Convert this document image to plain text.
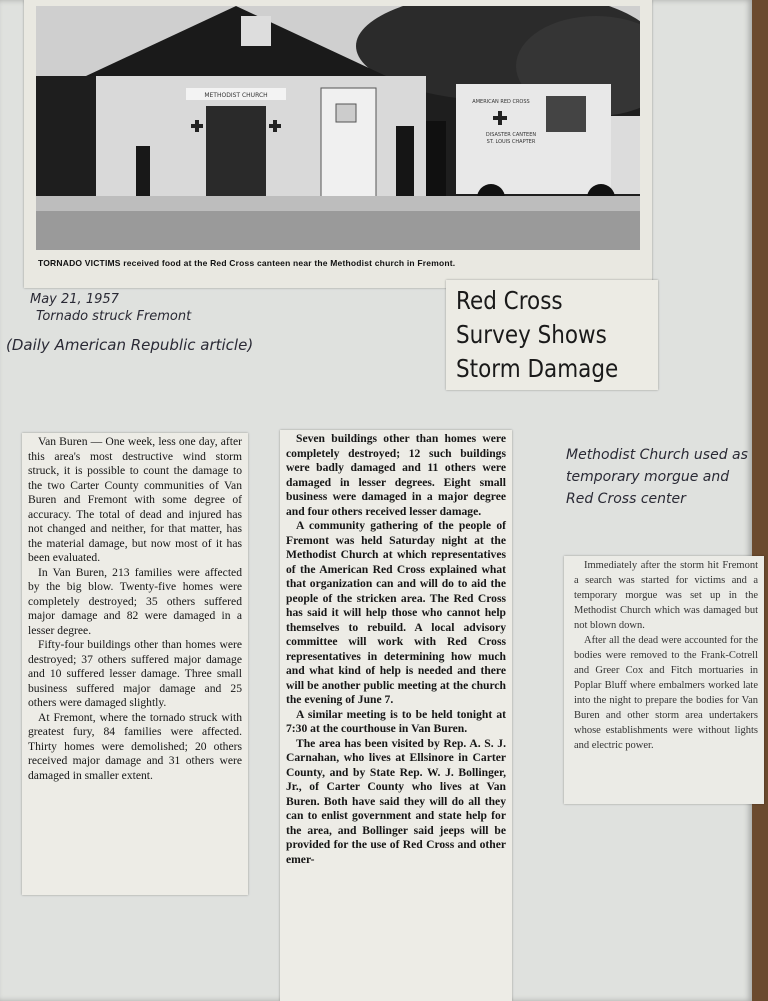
METHODIST CHURCH
AMERICAN RED CROSS
DISASTER CANTEEN
ST. LOUIS CHAPTER
TORNADO VICTIMS received food at the Red Cross canteen near the Methodist church in Fremont.
May 21, 1957
Tornado struck Fremont
(Daily American Republic article)
Red Cross
Survey Shows
Storm Damage
Methodist Church used as temporary morgue and Red Cross center

Van Buren — One week, less one day, after this area's most destructive wind storm struck, it is possible to count the damage to the two Carter County communities of Van Buren and Fremont with some degree of accuracy. The total of dead and injured has not changed and neither, for that matter, has the material damage, but now most of it has been evaluated.

In Van Buren, 213 families were affected by the big blow. Twenty-five homes were completely destroyed; 35 others suffered major damage and 82 were damaged in a lesser degree.

Fifty-four buildings other than homes were destroyed; 37 others suffered major damage and 10 suffered lesser damage. Three small business suffered major damage and 25 others were damaged slightly.

At Fremont, where the tornado struck with greatest fury, 84 families were affected. Thirty homes were demolished; 20 others received major damage and 31 others were damaged in smaller extent.

Seven buildings other than homes were completely destroyed; 12 such buildings were badly damaged and 11 others were damaged in lesser degrees. Eight small business were damaged in a major degree and four others received lesser damage.

A community gathering of the people of Fremont was held Saturday night at the Methodist Church at which representatives of the American Red Cross explained what that organization can and will do to aid the people of the stricken area. The Red Cross has said it will help those who cannot help themselves to rebuild. A local advisory committee will work with Red Cross representatives in determining how much and what kind of help is needed and there will be another public meeting at the church the evening of June 7.

A similar meeting is to be held tonight at 7:30 at the courthouse in Van Buren.

The area has been visited by Rep. A. S. J. Carnahan, who lives at Ellsinore in Carter County, and by State Rep. W. J. Bollinger, Jr., of Carter County who lives at Van Buren. Both have said they will do all they can to enlist government and state help for the area, and Bollinger said jeeps will be provided for the use of Red Cross and other emer-

Immediately after the storm hit Fremont a search was started for victims and a temporary morgue was set up in the Methodist Church which was damaged but not blown down.

After all the dead were accounted for the bodies were removed to the Frank-Cotrell and Greer Cox and Fitch mortuaries in Poplar Bluff where embalmers worked late into the night to prepare the bodies for Van Buren and other storm area undertakers whose establishments were without lights and electric power.
